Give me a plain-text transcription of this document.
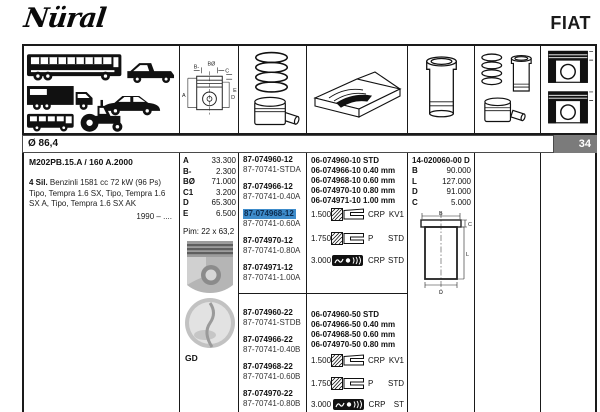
Nüral	FIAT
B- BØ
C
E
A	D
Ø 86,4	34
M202PB.15.A / 160 A.2000
4 Sil. Benzinli 1581 cc 72 kW (96 Ps)
Tipo, Tempra 1.6 SX, Tipo, Tempra 1.6 SX A, Tipo, Tempra 1.6 SX AK
1990 – ....
A	33.300
B-	2.300
BØ 71.000
C1	3.200
D	65.300
E	6.500
Pim: 22 x 63,2
GD
87-074960-12
87-70741-STDA
87-074966-12
87-70741-0.40A
87-074968-12
87-70741-0.60A
87-074970-12
87-70741-0.80A
87-074971-12
87-70741-1.00A
87-074960-22
87-70741-STDB
87-074966-22
87-70741-0.40B
87-074968-22
87-70741-0.60B
87-074970-22
87-70741-0.80B
06-074960-10 STD
06-074966-10 0.40 mm
06-074968-10 0.60 mm
06-074970-10 0.80 mm
06-074971-10 1.00 mm
1.500	CRP KV1
1.750	P	STD
3.000	CRP STD
06-074960-50 STD
06-074966-50 0.40 mm
06-074968-50 0.60 mm
06-074970-50 0.80 mm
1.500	CRP KV1
1.750	P	STD
3.000	CRP	ST
14-020060-00 D
B	90.000
L	127.000
D	91.000
C	5.000
B
C
L
D
